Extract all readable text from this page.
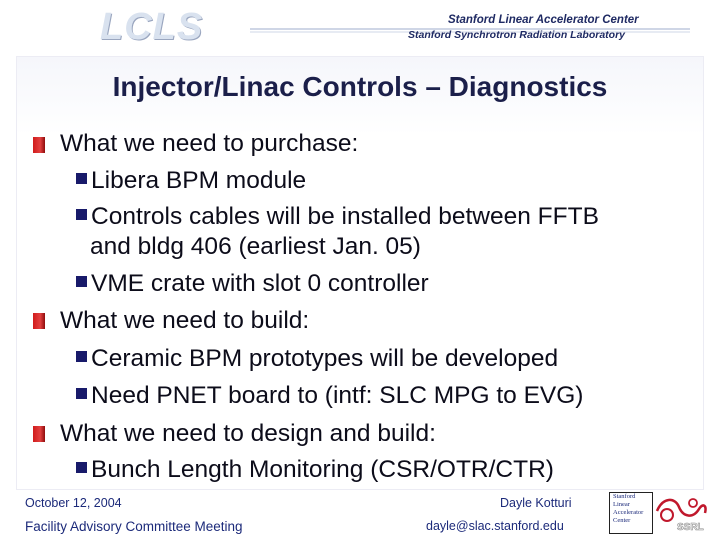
LCLS	Stanford Linear Accelerator Center
Stanford Synchrotron Radiation Laboratory
Injector/Linac Controls – Diagnostics
What we need to purchase:
Libera BPM module
Controls cables will be installed between FFTB
and bldg 406 (earliest Jan. 05)
VME crate with slot 0 controller
What we need to build:
Ceramic BPM prototypes will be developed
Need PNET board to (intf: SLC MPG to EVG)
What we need to design and build:
Bunch Length Monitoring (CSR/OTR/CTR)
October 12, 2004
Facility Advisory Committee Meeting
Dayle Kotturi
dayle@slac.stanford.edu
Stanford
Linear
Accelerator
Center
SSRL
